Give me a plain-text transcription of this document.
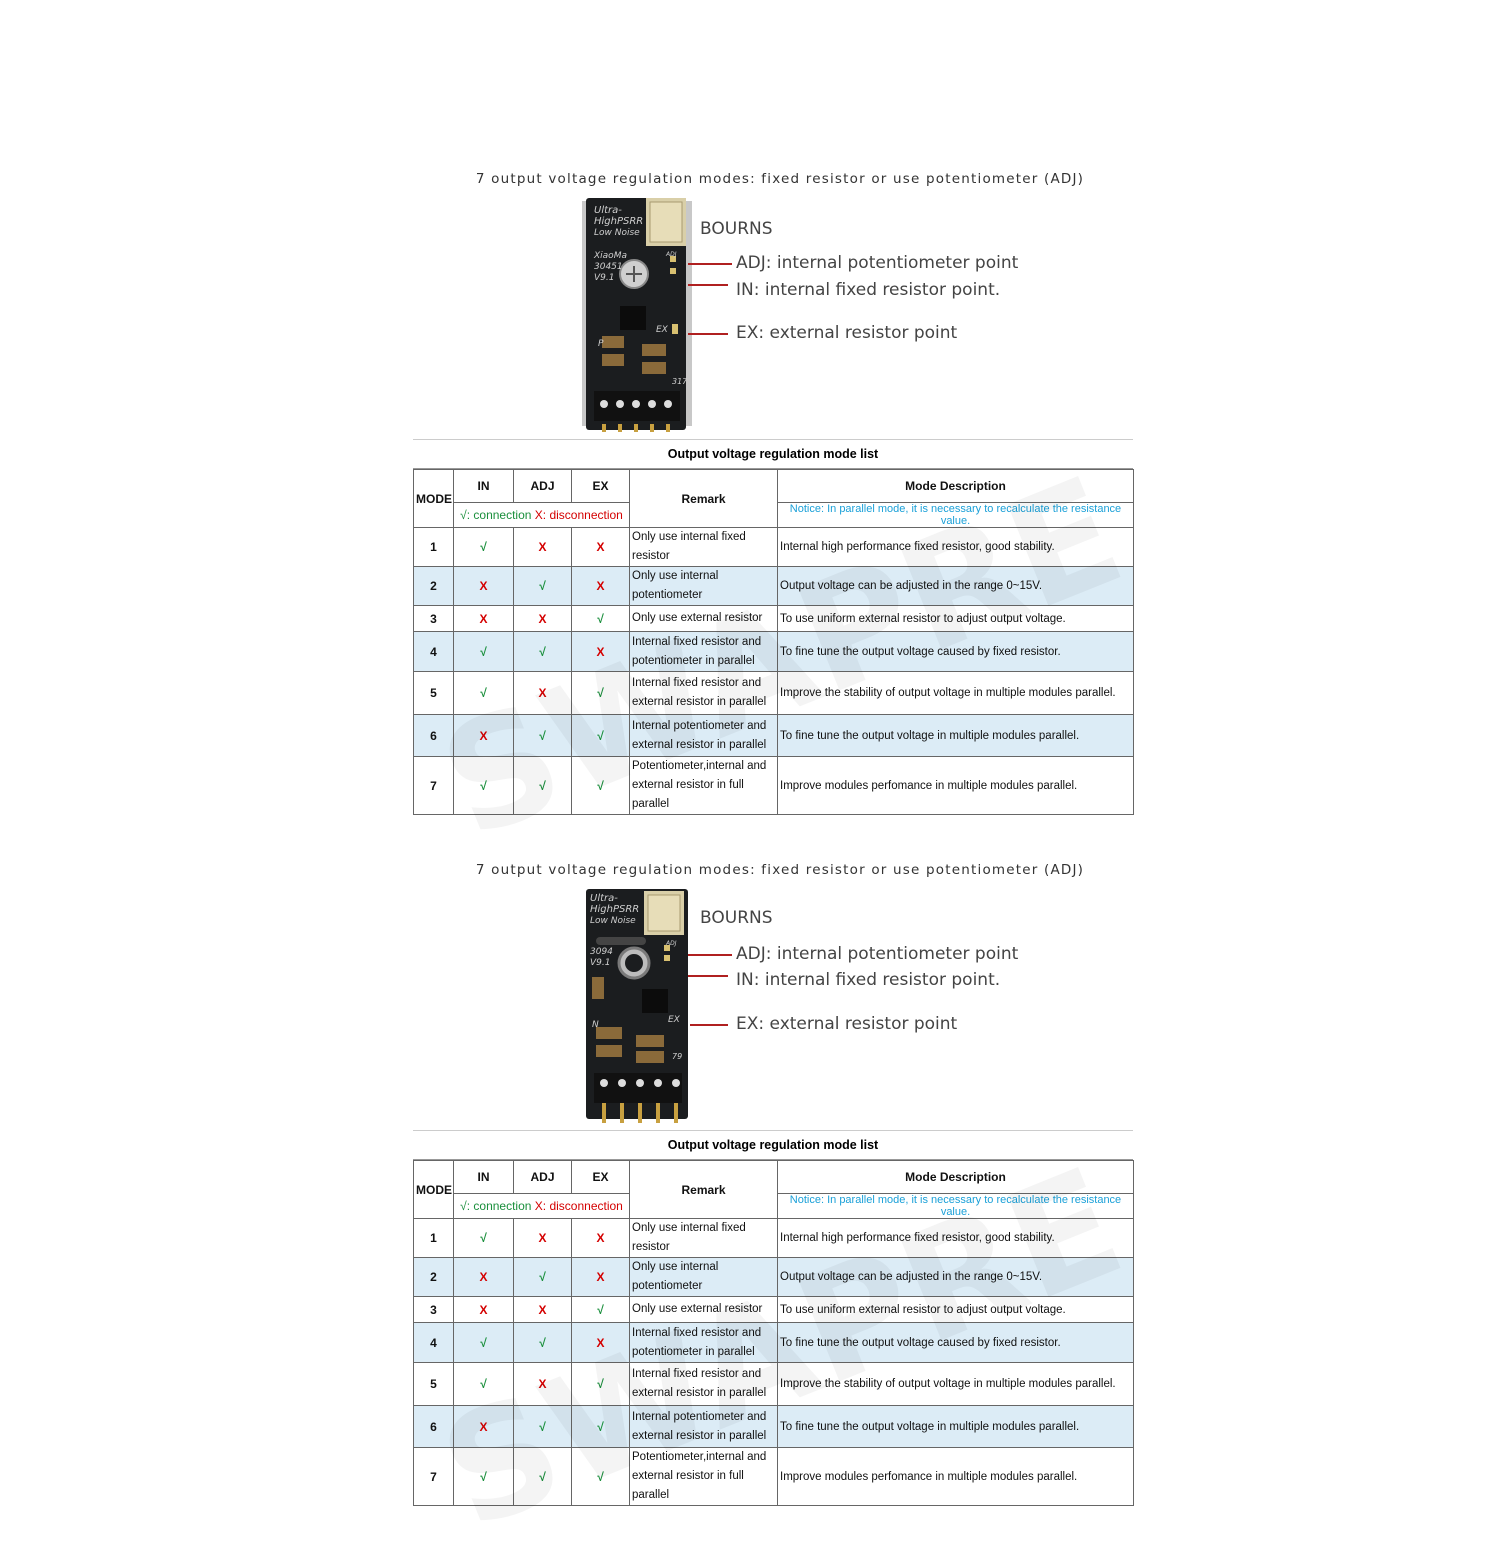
7 output voltage regulation modes: fixed resistor or use potentiometer (ADJ)
Ultra-
HighPSRR
Low Noise
XiaoMa
30451
V9.1
ADJ
EX
P
317
BOURNS
ADJ: internal potentiometer point
IN: internal fixed resistor point.
EX: external resistor point
Output voltage regulation mode list
MODE	IN	ADJ	EX	Remark	Mode Description
	√: connection X: disconnection				Notice: In parallel mode, it is necessary to recalculate the resistance value.
1	√	X	X	Only use internal fixed resistor	Internal high performance fixed resistor, good stability.
2	X	√	X	Only use internal potentiometer	Output voltage can be adjusted in the range 0~15V.
3	X	X	√	Only use external resistor	To use uniform external resistor to adjust output voltage.
4	√	√	X	Internal fixed resistor and potentiometer in parallel	To fine tune the output voltage caused by fixed resistor.
5	√	X	√	Internal fixed resistor and external resistor in parallel	Improve the stability of output voltage in multiple modules parallel.
6	X	√	√	Internal potentiometer and external resistor in parallel	To fine tune the output voltage in multiple modules parallel.
7	√	√	√	Potentiometer,internal and external resistor in full parallel	Improve modules perfomance in multiple modules parallel.
7 output voltage regulation modes: fixed resistor or use potentiometer (ADJ)
Ultra-
HighPSRR
Low Noise
3094
V9.1
ADJ
EX
N
79
BOURNS
ADJ: internal potentiometer point
IN: internal fixed resistor point.
EX: external resistor point
Output voltage regulation mode list
MODE	IN	ADJ	EX	Remark	Mode Description
	√: connection X: disconnection				Notice: In parallel mode, it is necessary to recalculate the resistance value.
1	√	X	X	Only use internal fixed resistor	Internal high performance fixed resistor, good stability.
2	X	√	X	Only use internal potentiometer	Output voltage can be adjusted in the range 0~15V.
3	X	X	√	Only use external resistor	To use uniform external resistor to adjust output voltage.
4	√	√	X	Internal fixed resistor and potentiometer in parallel	To fine tune the output voltage caused by fixed resistor.
5	√	X	√	Internal fixed resistor and external resistor in parallel	Improve the stability of output voltage in multiple modules parallel.
6	X	√	√	Internal potentiometer and external resistor in parallel	To fine tune the output voltage in multiple modules parallel.
7	√	√	√	Potentiometer,internal and external resistor in full parallel	Improve modules perfomance in multiple modules parallel.
